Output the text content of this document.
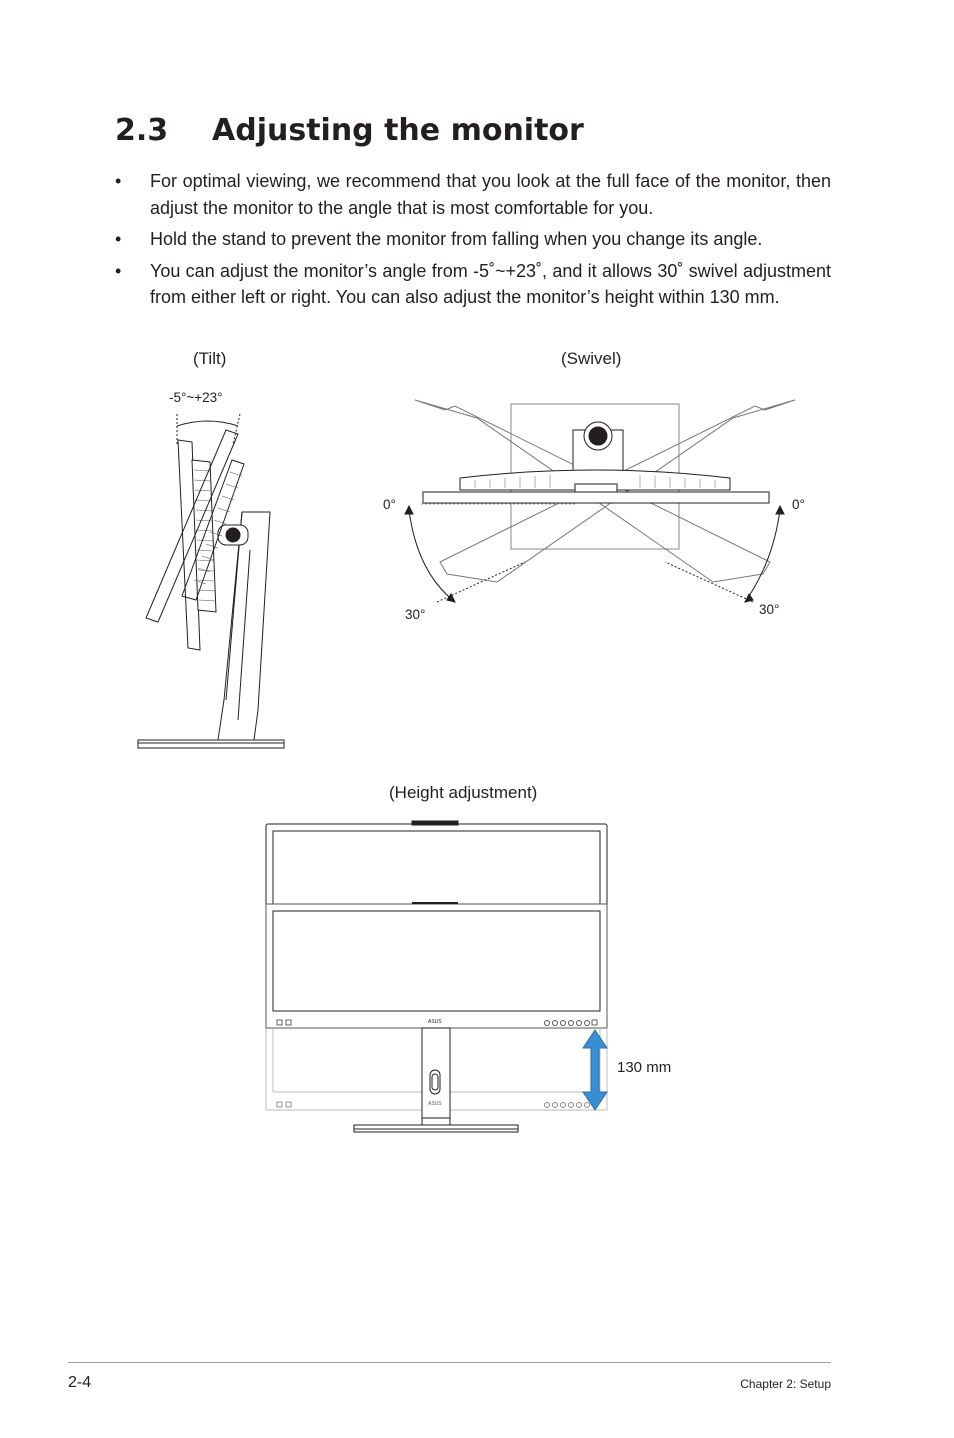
2.3 Adjusting the monitor
• For optimal viewing, we recommend that you look at the full face of the monitor, then adjust the monitor to the angle that is most comfortable for you.
• Hold the stand to prevent the monitor from falling when you change its angle.
• You can adjust the monitor’s angle from -5˚~+23˚, and it allows 30˚ swivel adjustment from either left or right. You can also adjust the monitor’s height within 130 mm.
(Tilt)	(Swivel)
-5°~+23°
0°	0°
30°	30°
(Height adjustment)
130 mm
ASUS
ASUS
2-4	Chapter 2: Setup
